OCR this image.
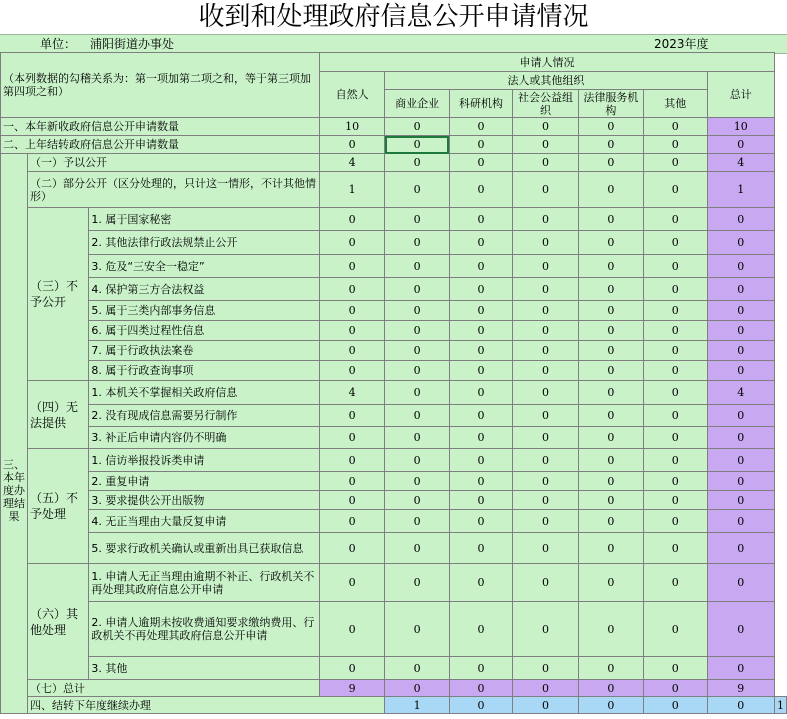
收到和处理政府信息公开申请情况
单位： 浦阳街道办事处	2023年度
（本列数据的勾稽关系为：第一项加第二项之和，等于第三项加第四项之和）			申请人情况							
			自然人	法人或其他组织					总计	
				商业企业	科研机构	社会公益组织	法律服务机构	其他		
一、本年新收政府信息公开申请数量			10	0	0	0	0	0	10	
二、上年结转政府信息公开申请数量			0	0	0	0	0	0	0	
三、本年度办理结果	（一）予以公开		4	0	0	0	0	0	4	
	（二）部分公开（区分处理的，只计这一情形，不计其他情形）		1	0	0	0	0	0	1	
	（三）不予公开	1. 属于国家秘密	0	0	0	0	0	0	0	
		2. 其他法律行政法规禁止公开	0	0	0	0	0	0	0	
		3. 危及“三安全一稳定”	0	0	0	0	0	0	0	
		4. 保护第三方合法权益	0	0	0	0	0	0	0	
		5. 属于三类内部事务信息	0	0	0	0	0	0	0	
		6. 属于四类过程性信息	0	0	0	0	0	0	0	
		7. 属于行政执法案卷	0	0	0	0	0	0	0	
		8. 属于行政查询事项	0	0	0	0	0	0	0	
	（四）无法提供	1. 本机关不掌握相关政府信息	4	0	0	0	0	0	4	
		2. 没有现成信息需要另行制作	0	0	0	0	0	0	0	
		3. 补正后申请内容仍不明确	0	0	0	0	0	0	0	
	（五）不予处理	1. 信访举报投诉类申请	0	0	0	0	0	0	0	
		2. 重复申请	0	0	0	0	0	0	0	
		3. 要求提供公开出版物	0	0	0	0	0	0	0	
		4. 无正当理由大量反复申请	0	0	0	0	0	0	0	
		5. 要求行政机关确认或重新出具已获取信息	0	0	0	0	0	0	0	
	（六）其他处理	1. 申请人无正当理由逾期不补正、行政机关不再处理其政府信息公开申请	0	0	0	0	0	0	0	
		2. 申请人逾期未按收费通知要求缴纳费用、行政机关不再处理其政府信息公开申请	0	0	0	0	0	0	0	
		3. 其他	0	0	0	0	0	0	0	
	（七）总计		9	0	0	0	0	0	9	
	四、结转下年度继续办理			1	0	0	0	0	0	1
